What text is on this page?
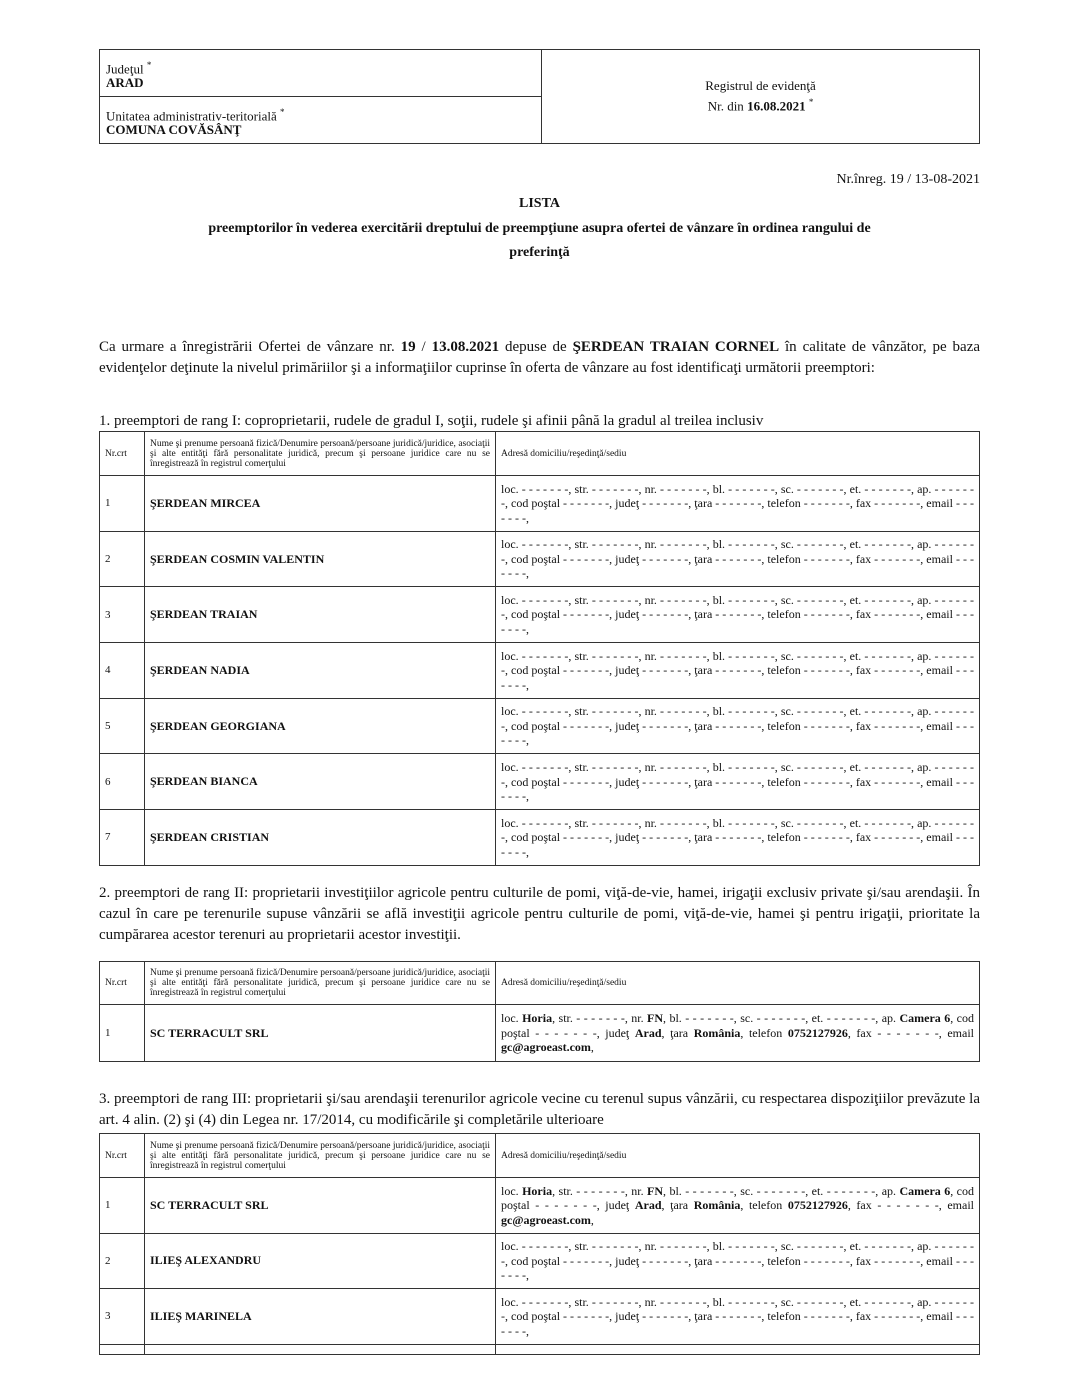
Judeţul *
ARAD
Unitatea administrativ-teritorială *
COMUNA COVĂSÂNŢ
Registrul de evidenţă
Nr. din 16.08.2021 *
Nr.înreg. 19 / 13-08-2021
LISTA
preemptorilor în vederea exercitării dreptului de preempţiune asupra ofertei de vânzare în ordinea rangului de
preferinţă
Ca urmare a înregistrării Ofertei de vânzare nr. 19 / 13.08.2021 depuse de ŞERDEAN TRAIAN CORNEL în calitate de vânzător, pe baza evidenţelor deţinute la nivelul primăriilor şi a informaţiilor cuprinse în oferta de vânzare au fost identificaţi următorii preemptori:
1. preemptori de rang I: coproprietarii, rudele de gradul I, soţii, rudele şi afinii până la gradul al treilea inclusiv
Nr.crt	Nume şi prenume persoană fizică/Denumire persoană/persoane juridică/juridice, asociaţii şi alte entităţi fără personalitate juridică, precum şi persoane juridice care nu se înregistrează în registrul comerţului	Adresă domiciliu/reşedinţă/sediu
1	ŞERDEAN MIRCEA	loc. - - - - - - -, str. - - - - - - -, nr. - - - - - - -, bl. - - - - - - -, sc. - - - - - - -, et. - - - - - - -, ap. - - - - - - -, cod poştal - - - - - - -, judeţ - - - - - - -, ţara - - - - - - -, telefon - - - - - - -, fax - - - - - - -, email - - - - - - -,
2	ŞERDEAN COSMIN VALENTIN	loc. - - - - - - -, str. - - - - - - -, nr. - - - - - - -, bl. - - - - - - -, sc. - - - - - - -, et. - - - - - - -, ap. - - - - - - -, cod poştal - - - - - - -, judeţ - - - - - - -, ţara - - - - - - -, telefon - - - - - - -, fax - - - - - - -, email - - - - - - -,
3	ŞERDEAN TRAIAN	loc. - - - - - - -, str. - - - - - - -, nr. - - - - - - -, bl. - - - - - - -, sc. - - - - - - -, et. - - - - - - -, ap. - - - - - - -, cod poştal - - - - - - -, judeţ - - - - - - -, ţara - - - - - - -, telefon - - - - - - -, fax - - - - - - -, email - - - - - - -,
4	ŞERDEAN NADIA	loc. - - - - - - -, str. - - - - - - -, nr. - - - - - - -, bl. - - - - - - -, sc. - - - - - - -, et. - - - - - - -, ap. - - - - - - -, cod poştal - - - - - - -, judeţ - - - - - - -, ţara - - - - - - -, telefon - - - - - - -, fax - - - - - - -, email - - - - - - -,
5	ŞERDEAN GEORGIANA	loc. - - - - - - -, str. - - - - - - -, nr. - - - - - - -, bl. - - - - - - -, sc. - - - - - - -, et. - - - - - - -, ap. - - - - - - -, cod poştal - - - - - - -, judeţ - - - - - - -, ţara - - - - - - -, telefon - - - - - - -, fax - - - - - - -, email - - - - - - -,
6	ŞERDEAN BIANCA	loc. - - - - - - -, str. - - - - - - -, nr. - - - - - - -, bl. - - - - - - -, sc. - - - - - - -, et. - - - - - - -, ap. - - - - - - -, cod poştal - - - - - - -, judeţ - - - - - - -, ţara - - - - - - -, telefon - - - - - - -, fax - - - - - - -, email - - - - - - -,
7	ŞERDEAN CRISTIAN	loc. - - - - - - -, str. - - - - - - -, nr. - - - - - - -, bl. - - - - - - -, sc. - - - - - - -, et. - - - - - - -, ap. - - - - - - -, cod poştal - - - - - - -, judeţ - - - - - - -, ţara - - - - - - -, telefon - - - - - - -, fax - - - - - - -, email - - - - - - -,
2. preemptori de rang II: proprietarii investiţiilor agricole pentru culturile de pomi, viţă-de-vie, hamei, irigaţii exclusiv private şi/sau arendaşii. În cazul în care pe terenurile supuse vânzării se află investiţii agricole pentru culturile de pomi, viţă-de-vie, hamei şi pentru irigaţii, prioritate la cumpărarea acestor terenuri au proprietarii acestor investiţii.
Nr.crt	Nume şi prenume persoană fizică/Denumire persoană/persoane juridică/juridice, asociaţii şi alte entităţi fără personalitate juridică, precum şi persoane juridice care nu se înregistrează în registrul comerţului	Adresă domiciliu/reşedinţă/sediu
1	SC TERRACULT SRL	loc. Horia, str. - - - - - - -, nr. FN, bl. - - - - - - -, sc. - - - - - - -, et. - - - - - - -, ap. Camera 6, cod poştal - - - - - - -, judeţ Arad, ţara România, telefon 0752127926, fax - - - - - - -, email gc@agroeast.com,
3. preemptori de rang III: proprietarii şi/sau arendaşii terenurilor agricole vecine cu terenul supus vânzării, cu respectarea dispoziţiilor prevăzute la art. 4 alin. (2) şi (4) din Legea nr. 17/2014, cu modificările şi completările ulterioare
Nr.crt	Nume şi prenume persoană fizică/Denumire persoană/persoane juridică/juridice, asociaţii şi alte entităţi fără personalitate juridică, precum şi persoane juridice care nu se înregistrează în registrul comerţului	Adresă domiciliu/reşedinţă/sediu
1	SC TERRACULT SRL	loc. Horia, str. - - - - - - -, nr. FN, bl. - - - - - - -, sc. - - - - - - -, et. - - - - - - -, ap. Camera 6, cod poştal - - - - - - -, judeţ Arad, ţara România, telefon 0752127926, fax - - - - - - -, email gc@agroeast.com,
2	ILIEŞ ALEXANDRU	loc. - - - - - - -, str. - - - - - - -, nr. - - - - - - -, bl. - - - - - - -, sc. - - - - - - -, et. - - - - - - -, ap. - - - - - - -, cod poştal - - - - - - -, judeţ - - - - - - -, ţara - - - - - - -, telefon - - - - - - -, fax - - - - - - -, email - - - - - - -,
3	ILIEŞ MARINELA	loc. - - - - - - -, str. - - - - - - -, nr. - - - - - - -, bl. - - - - - - -, sc. - - - - - - -, et. - - - - - - -, ap. - - - - - - -, cod poştal - - - - - - -, judeţ - - - - - - -, ţara - - - - - - -, telefon - - - - - - -, fax - - - - - - -, email - - - - - - -,
